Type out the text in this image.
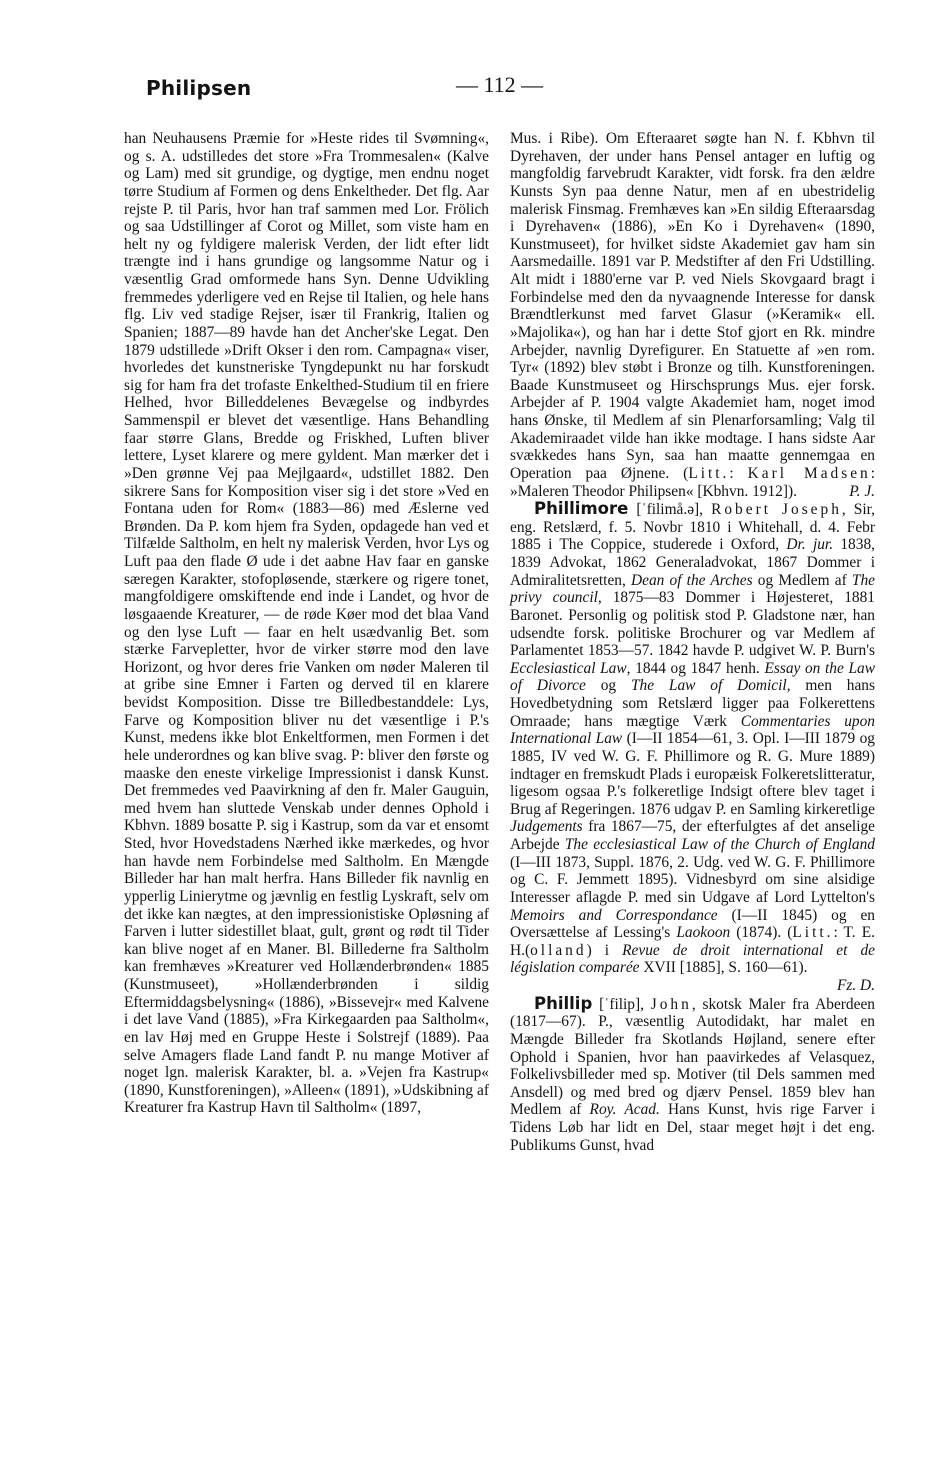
Philipsen	— 112 —

han Neuhausens Præmie for »Heste rides til Svømning«, og s. A. udstilledes det store »Fra Trommesalen« (Kalve og Lam) med sit grundige, og dygtige, men endnu noget tørre Studium af Formen og dens Enkeltheder. Det flg. Aar rejste P. til Paris, hvor han traf sammen med Lor. Frölich og saa Udstillinger af Corot og Millet, som viste ham en helt ny og fyldigere malerisk Verden, der lidt efter lidt trængte ind i hans grundige og langsomme Natur og i væsentlig Grad omformede hans Syn. Denne Udvikling fremmedes yderligere ved en Rejse til Italien, og hele hans flg. Liv ved stadige Rejser, især til Frankrig, Italien og Spanien; 1887—89 havde han det Ancher'ske Legat. Den 1879 udstillede »Drift Okser i den rom. Campagna« viser, hvorledes det kunstneriske Tyngdepunkt nu har forskudt sig for ham fra det trofaste Enkelthed-Studium til en friere Helhed, hvor Billeddelenes Bevægelse og indbyrdes Sammenspil er blevet det væsentlige. Hans Behandling faar større Glans, Bredde og Friskhed, Luften bliver lettere, Lyset klarere og mere gyldent. Man mærker det i »Den grønne Vej paa Mejlgaard«, udstillet 1882. Den sikrere Sans for Komposition viser sig i det store »Ved en Fontana uden for Rom« (1883—86) med Æslerne ved Brønden. Da P. kom hjem fra Syden, opdagede han ved et Tilfælde Saltholm, en helt ny malerisk Verden, hvor Lys og Luft paa den flade Ø ude i det aabne Hav faar en ganske særegen Karakter, stofopløsende, stærkere og rigere tonet, mangfoldigere omskiftende end inde i Landet, og hvor de løsgaaende Kreaturer, — de røde Køer mod det blaa Vand og den lyse Luft — faar en helt usædvanlig Bet. som stærke Farvepletter, hvor de virker større mod den lave Horizont, og hvor deres frie Vanken om nøder Maleren til at gribe sine Emner i Farten og derved til en klarere bevidst Komposition. Disse tre Billedbestanddele: Lys, Farve og Komposition bliver nu det væsentlige i P.'s Kunst, medens ikke blot Enkeltformen, men Formen i det hele underordnes og kan blive svag. P: bliver den første og maaske den eneste virkelige Impressionist i dansk Kunst. Det fremmedes ved Paavirkning af den fr. Maler Gauguin, med hvem han sluttede Venskab under dennes Ophold i Kbhvn. 1889 bosatte P. sig i Kastrup, som da var et ensomt Sted, hvor Hovedstadens Nærhed ikke mærkedes, og hvor han havde nem Forbindelse med Saltholm. En Mængde Billeder har han malt herfra. Hans Billeder fik navnlig en ypperlig Linierytme og jævnlig en festlig Lyskraft, selv om det ikke kan nægtes, at den impressionistiske Opløsning af Farven i lutter sidestillet blaat, gult, grønt og rødt til Tider kan blive noget af en Maner. Bl. Billederne fra Saltholm kan fremhæves »Kreaturer ved Hollænderbrønden« 1885 (Kunstmuseet), »Hollænderbrønden i sildig Eftermiddagsbelysning« (1886), »Bissevejr« med Kalvene i det lave Vand (1885), »Fra Kirkegaarden paa Saltholm«, en lav Høj med en Gruppe Heste i Solstrejf (1889). Paa selve Amagers flade Land fandt P. nu mange Motiver af noget lgn. malerisk Karakter, bl. a. »Vejen fra Kastrup« (1890, Kunstforeningen), »Alleen« (1891), »Udskibning af Kreaturer fra Kastrup Havn til Saltholm« (1897,

Mus. i Ribe). Om Efteraaret søgte han N. f. Kbhvn til Dyrehaven, der under hans Pensel antager en luftig og mangfoldig farvebrudt Karakter, vidt forsk. fra den ældre Kunsts Syn paa denne Natur, men af en ubestridelig malerisk Finsmag. Fremhæves kan »En sildig Efteraarsdag i Dyrehaven« (1886), »En Ko i Dyrehaven« (1890, Kunstmuseet), for hvilket sidste Akademiet gav ham sin Aarsmedaille. 1891 var P. Medstifter af den Fri Udstilling. Alt midt i 1880'erne var P. ved Niels Skovgaard bragt i Forbindelse med den da nyvaagnende Interesse for dansk Brændtlerkunst med farvet Glasur (»Keramik« ell. »Majolika«), og han har i dette Stof gjort en Rk. mindre Arbejder, navnlig Dyrefigurer. En Statuette af »en rom. Tyr« (1892) blev støbt i Bronze og tilh. Kunstforeningen. Baade Kunstmuseet og Hirschsprungs Mus. ejer forsk. Arbejder af P. 1904 valgte Akademiet ham, noget imod hans Ønske, til Medlem af sin Plenarforsamling; Valg til Akademiraadet vilde han ikke modtage. I hans sidste Aar svækkedes hans Syn, saa han maatte gennemgaa en Operation paa Øjnene. (Litt.: Karl Madsen: »Maleren Theodor Philipsen« [Kbhvn. 1912]).	P. J.

Phillimore [ˈfilimå.ə], Robert Joseph, Sir, eng. Retslærd, f. 5. Novbr 1810 i Whitehall, d. 4. Febr 1885 i The Coppice, studerede i Oxford, Dr. jur. 1838, 1839 Advokat, 1862 Generaladvokat, 1867 Dommer i Admiralitetsretten, Dean of the Arches og Medlem af The privy council, 1875—83 Dommer i Højesteret, 1881 Baronet. Personlig og politisk stod P. Gladstone nær, han udsendte forsk. politiske Brochurer og var Medlem af Parlamentet 1853—57. 1842 havde P. udgivet W. P. Burn's Ecclesiastical Law, 1844 og 1847 henh. Essay on the Law of Divorce og The Law of Domicil, men hans Hovedbetydning som Retslærd ligger paa Folkerettens Omraade; hans mægtige Værk Commentaries upon International Law (I—II 1854—61, 3. Opl. I—III 1879 og 1885, IV ved W. G. F. Phillimore og R. G. Mure 1889) indtager en fremskudt Plads i europæisk Folkeretslitteratur, ligesom ogsaa P.'s folkeretlige Indsigt oftere blev taget i Brug af Regeringen. 1876 udgav P. en Samling kirkeretlige Judgements fra 1867—75, der efterfulgtes af det anselige Arbejde The ecclesiastical Law of the Church of England (I—III 1873, Suppl. 1876, 2. Udg. ved W. G. F. Phillimore og C. F. Jemmett 1895). Vidnesbyrd om sine alsidige Interesser aflagde P. med sin Udgave af Lord Lyttelton's Memoirs and Correspondance (I—II 1845) og en Oversættelse af Lessing's Laokoon (1874). (Litt.: T. E. H.(olland) i Revue de droit international et de législation comparée XVII [1885], S. 160—61).
Fz. D.

Phillip [ˈfilip], John, skotsk Maler fra Aberdeen (1817—67). P., væsentlig Autodidakt, har malet en Mængde Billeder fra Skotlands Højland, senere efter Ophold i Spanien, hvor han paavirkedes af Velasquez, Folkelivsbilleder med sp. Motiver (til Dels sammen med Ansdell) og med bred og djærv Pensel. 1859 blev han Medlem af Roy. Acad. Hans Kunst, hvis rige Farver i Tidens Løb har lidt en Del, staar meget højt i det eng. Publikums Gunst, hvad
